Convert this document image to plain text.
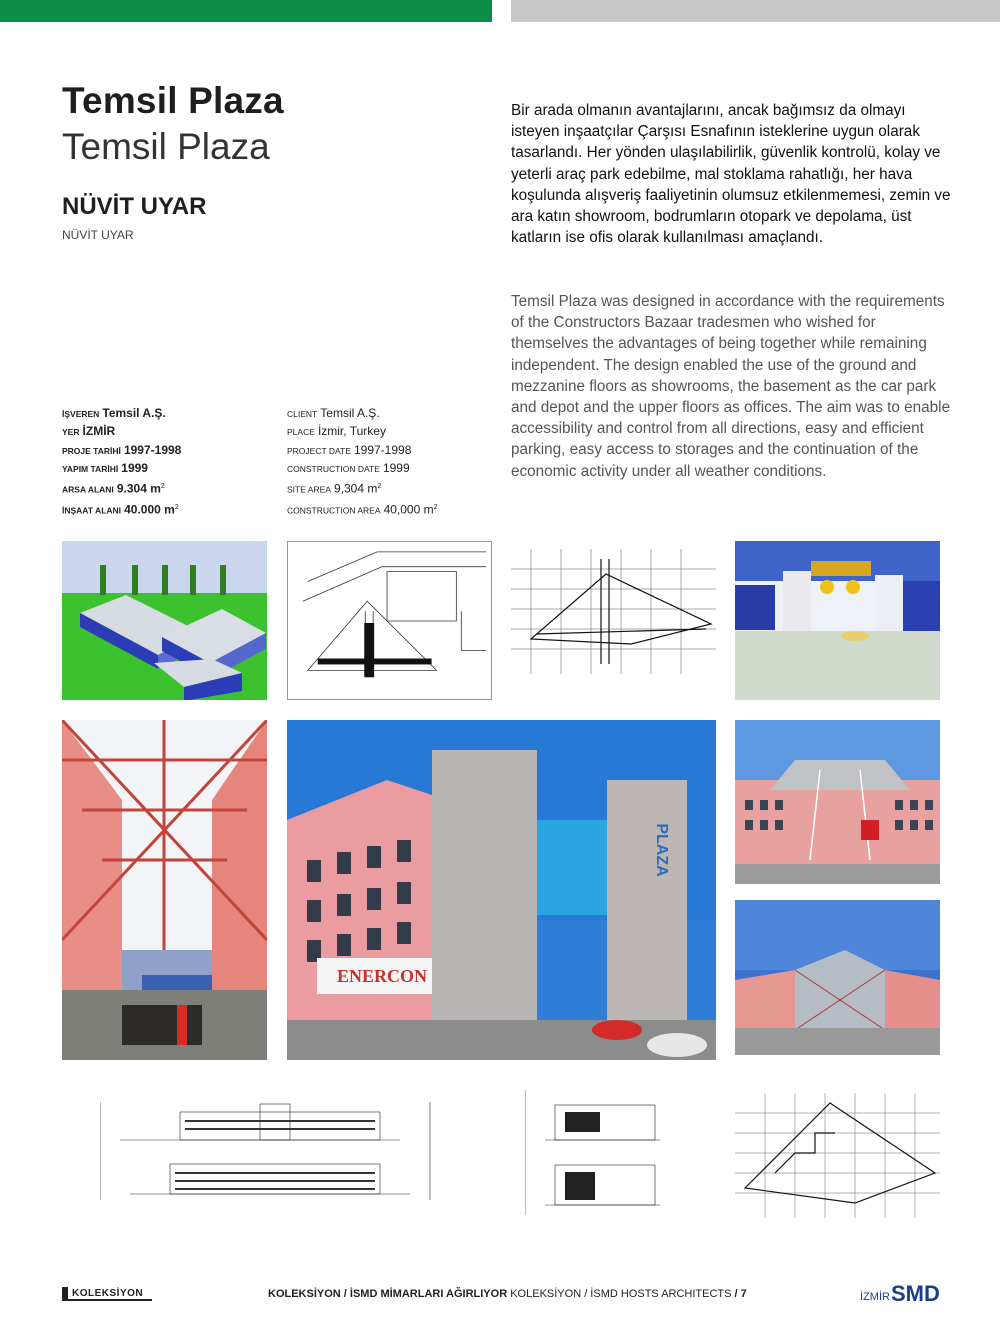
Temsil Plaza
Temsil Plaza
NÜVİT UYAR
NÜVİT UYAR
Bir arada olmanın avantajlarını, ancak bağımsız da olmayı isteyen inşaatçılar Çarşısı Esnafının isteklerine uygun olarak tasarlandı. Her yönden ulaşılabilirlik, güvenlik kontrolü, kolay ve yeterli araç park edebilme, mal stoklama rahatlığı, her hava koşulunda alışveriş faaliyetinin olumsuz etkilenmemesi, zemin ve ara katın showroom, bodrumların otopark ve depolama, üst katların ise ofis olarak kullanılması amaçlandı.
Temsil Plaza was designed in accordance with the requirements of the Constructors Bazaar tradesmen who wished for themselves the advantages of being together while remaining independent. The design enabled the use of the ground and mezzanine floors as showrooms, the basement as the car park and depot and the upper floors as offices. The aim was to enable accessibility and control from all directions, easy and efficient parking, easy access to storages and the continuation of the economic activity under all weather conditions.
İŞVEREN Temsil A.Ş.
YER İZMİR
PROJE TARİHİ 1997-1998
YAPIM TARİHİ 1999
ARSA ALANI 9.304 $m^2$
İNŞAAT ALANI 40.000 $m^2$
CLIENT Temsil A.Ş.
PLACE İzmir, Turkey
PROJECT DATE 1997-1998
CONSTRUCTION DATE 1999
SITE AREA 9,304 $m^2$
CONSTRUCTION AREA 40,000 $m^2$
ENERCON
PLAZA
KOLEKSİYON	KOLEKSİYON / İSMD MİMARLARI AĞIRLIYOR KOLEKSİYON / İSMD HOSTS ARCHITECTS / 7	İZMİR SMD
